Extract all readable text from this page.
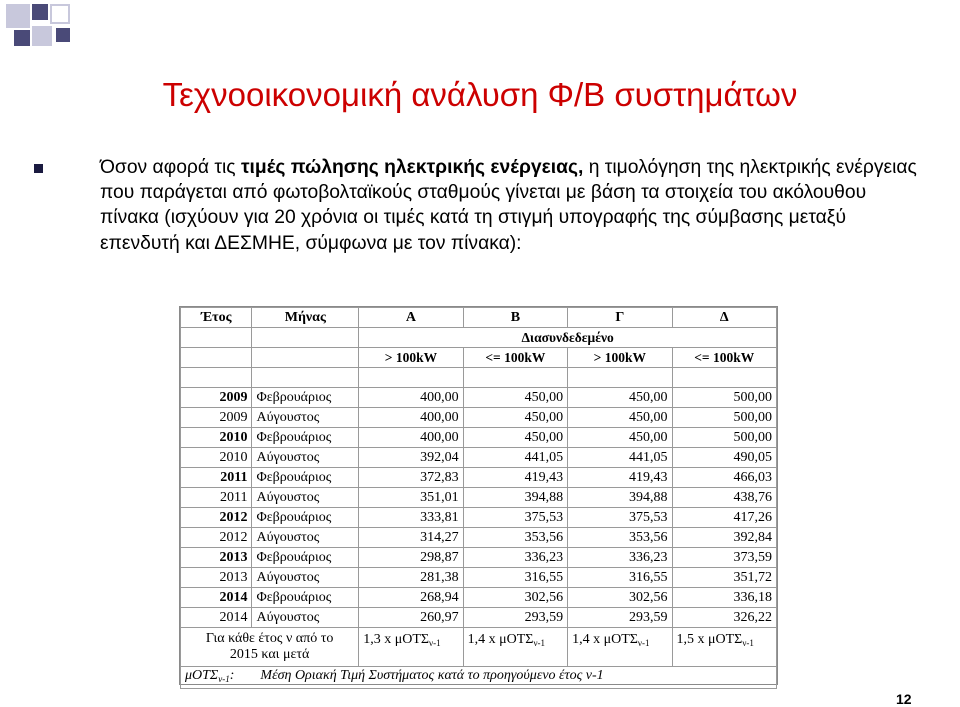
Τεχνοοικονομική ανάλυση Φ/Β συστημάτων
Όσον αφορά τις τιμές πώλησης ηλεκτρικής ενέργειας, η τιμολόγηση της ηλεκτρικής ενέργειας που παράγεται από φωτοβολταϊκούς σταθμούς γίνεται με βάση τα στοιχεία του ακόλουθου πίνακα (ισχύουν για 20 χρόνια οι τιμές κατά τη στιγμή υπογραφής της σύμβασης μεταξύ επενδυτή και ΔΕΣΜΗΕ, σύμφωνα με τον πίνακα):
Έτος	Μήνας	Α	Β	Γ	Δ
		Διασυνδεδεμένο			
		> 100kW	<= 100kW	> 100kW	<= 100kW

2009	Φεβρουάριος	400,00	450,00	450,00	500,00
2009	Αύγουστος	400,00	450,00	450,00	500,00
2010	Φεβρουάριος	400,00	450,00	450,00	500,00
2010	Αύγουστος	392,04	441,05	441,05	490,05
2011	Φεβρουάριος	372,83	419,43	419,43	466,03
2011	Αύγουστος	351,01	394,88	394,88	438,76
2012	Φεβρουάριος	333,81	375,53	375,53	417,26
2012	Αύγουστος	314,27	353,56	353,56	392,84
2013	Φεβρουάριος	298,87	336,23	336,23	373,59
2013	Αύγουστος	281,38	316,55	316,55	351,72
2014	Φεβρουάριος	268,94	302,56	302,56	336,18
2014	Αύγουστος	260,97	293,59	293,59	326,22
Για κάθε έτος ν από το
2015 και μετά		1,3 x μΟΤΣ$_{\nu-1}$	1,4 x μΟΤΣ$_{\nu-1}$	1,4 x μΟΤΣ$_{\nu-1}$	1,5 x μΟΤΣ$_{\nu-1}$
μΟΤΣ$_{\nu-1}$: Μέση Οριακή Τιμή Συστήματος κατά το προηγούμενο έτος ν-1					
12
